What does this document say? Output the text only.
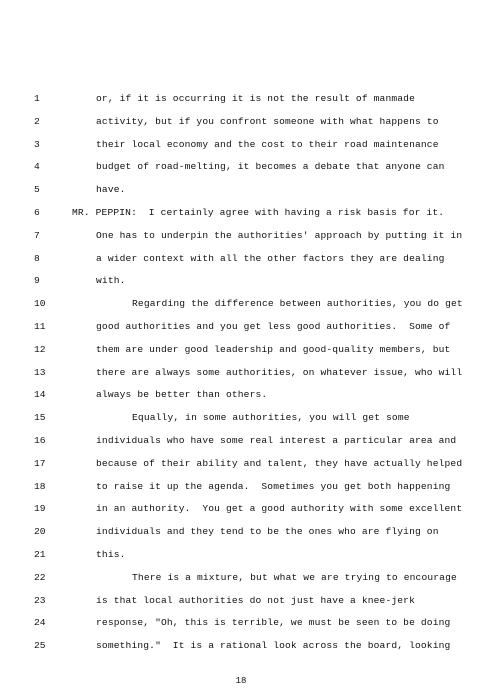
1	or, if it is occurring it is not the result of manmade
2	activity, but if you confront someone with what happens to
3	their local economy and the cost to their road maintenance
4	budget of road-melting, it becomes a debate that anyone can
5	have.
6	MR. PEPPIN:  I certainly agree with having a risk basis for it.
7	One has to underpin the authorities' approach by putting it in
8	a wider context with all the other factors they are dealing
9	with.
10	Regarding the difference between authorities, you do get
11	good authorities and you get less good authorities.  Some of
12	them are under good leadership and good-quality members, but
13	there are always some authorities, on whatever issue, who will
14	always be better than others.
15	Equally, in some authorities, you will get some
16	individuals who have some real interest a particular area and
17	because of their ability and talent, they have actually helped
18	to raise it up the agenda.  Sometimes you get both happening
19	in an authority.  You get a good authority with some excellent
20	individuals and they tend to be the ones who are flying on
21	this.
22	There is a mixture, but what we are trying to encourage
23	is that local authorities do not just have a knee-jerk
24	response, "Oh, this is terrible, we must be seen to be doing
25	something."  It is a rational look across the board, looking
18
